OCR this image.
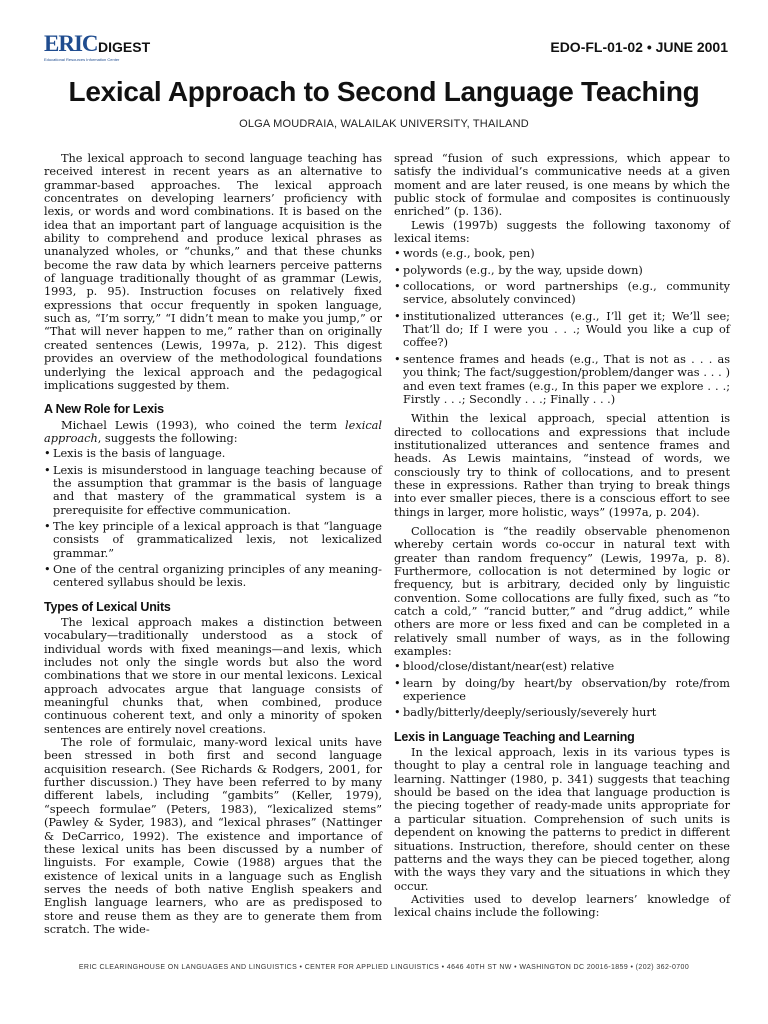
ERIC
Educational Resources Information Center
DIGEST	EDO-FL-01-02 • JUNE 2001
Lexical Approach to Second Language Teaching
OLGA MOUDRAIA, WALAILAK UNIVERSITY, THAILAND

The lexical approach to second language teaching has received interest in recent years as an alternative to grammar-based approaches. The lexical approach concentrates on developing learners’ proficiency with lexis, or words and word combinations. It is based on the idea that an important part of language acquisition is the ability to comprehend and produce lexical phrases as unanalyzed wholes, or “chunks,” and that these chunks become the raw data by which learners perceive patterns of language traditionally thought of as grammar (Lewis, 1993, p. 95). Instruction focuses on relatively fixed expressions that occur frequently in spoken language, such as, “I’m sorry,” “I didn’t mean to make you jump,” or “That will never happen to me,” rather than on originally created sentences (Lewis, 1997a, p. 212). This digest provides an overview of the methodological foundations underlying the lexical approach and the pedagogical implications suggested by them.

A New Role for Lexis

Michael Lewis (1993), who coined the term lexical approach, suggests the following:

• Lexis is the basis of language.
• Lexis is misunderstood in language teaching because of the assumption that grammar is the basis of language and that mastery of the grammatical system is a prerequisite for effective communication.
• The key principle of a lexical approach is that “language consists of grammaticalized lexis, not lexicalized grammar.”
• One of the central organizing principles of any meaning-centered syllabus should be lexis.
Types of Lexical Units

The lexical approach makes a distinction between vocabulary—traditionally understood as a stock of individual words with fixed meanings—and lexis, which includes not only the single words but also the word combinations that we store in our mental lexicons. Lexical approach advocates argue that language consists of meaningful chunks that, when combined, produce continuous coherent text, and only a minority of spoken sentences are entirely novel creations.

The role of formulaic, many-word lexical units have been stressed in both first and second language acquisition research. (See Richards & Rodgers, 2001, for further discussion.) They have been referred to by many different labels, including “gambits” (Keller, 1979), “speech formulae” (Peters, 1983), “lexicalized stems” (Pawley & Syder, 1983), and “lexical phrases” (Nattinger & DeCarrico, 1992). The existence and importance of these lexical units has been discussed by a number of linguists. For example, Cowie (1988) argues that the existence of lexical units in a language such as English serves the needs of both native English speakers and English language learners, who are as predisposed to store and reuse them as they are to generate them from scratch. The wide-

spread “fusion of such expressions, which appear to satisfy the individual’s communicative needs at a given moment and are later reused, is one means by which the public stock of formulae and composites is continuously enriched” (p. 136).

Lewis (1997b) suggests the following taxonomy of lexical items:

• words (e.g., book, pen)
• polywords (e.g., by the way, upside down)
• collocations, or word partnerships (e.g., community service, absolutely convinced)
• institutionalized utterances (e.g., I’ll get it; We’ll see; That’ll do; If I were you . . .; Would you like a cup of coffee?)
• sentence frames and heads (e.g., That is not as . . . as you think; The fact/suggestion/problem/danger was . . . ) and even text frames (e.g., In this paper we explore . . .; Firstly . . .; Secondly . . .; Finally . . .)

Within the lexical approach, special attention is directed to collocations and expressions that include institutionalized utterances and sentence frames and heads. As Lewis maintains, “instead of words, we consciously try to think of collocations, and to present these in expressions. Rather than trying to break things into ever smaller pieces, there is a conscious effort to see things in larger, more holistic, ways” (1997a, p. 204).

Collocation is “the readily observable phenomenon whereby certain words co-occur in natural text with greater than random frequency” (Lewis, 1997a, p. 8). Furthermore, collocation is not determined by logic or frequency, but is arbitrary, decided only by linguistic convention. Some collocations are fully fixed, such as “to catch a cold,” “rancid butter,” and “drug addict,” while others are more or less fixed and can be completed in a relatively small number of ways, as in the following examples:

• blood/close/distant/near(est) relative
• learn by doing/by heart/by observation/by rote/from experience
• badly/bitterly/deeply/seriously/severely hurt
Lexis in Language Teaching and Learning

In the lexical approach, lexis in its various types is thought to play a central role in language teaching and learning. Nattinger (1980, p. 341) suggests that teaching should be based on the idea that language production is the piecing together of ready-made units appropriate for a particular situation. Comprehension of such units is dependent on knowing the patterns to predict in different situations. Instruction, therefore, should center on these patterns and the ways they can be pieced together, along with the ways they vary and the situations in which they occur.

Activities used to develop learners’ knowledge of lexical chains include the following:

ERIC CLEARINGHOUSE ON LANGUAGES AND LINGUISTICS • CENTER FOR APPLIED LINGUISTICS • 4646 40TH ST NW • WASHINGTON DC 20016-1859 • (202) 362-0700
